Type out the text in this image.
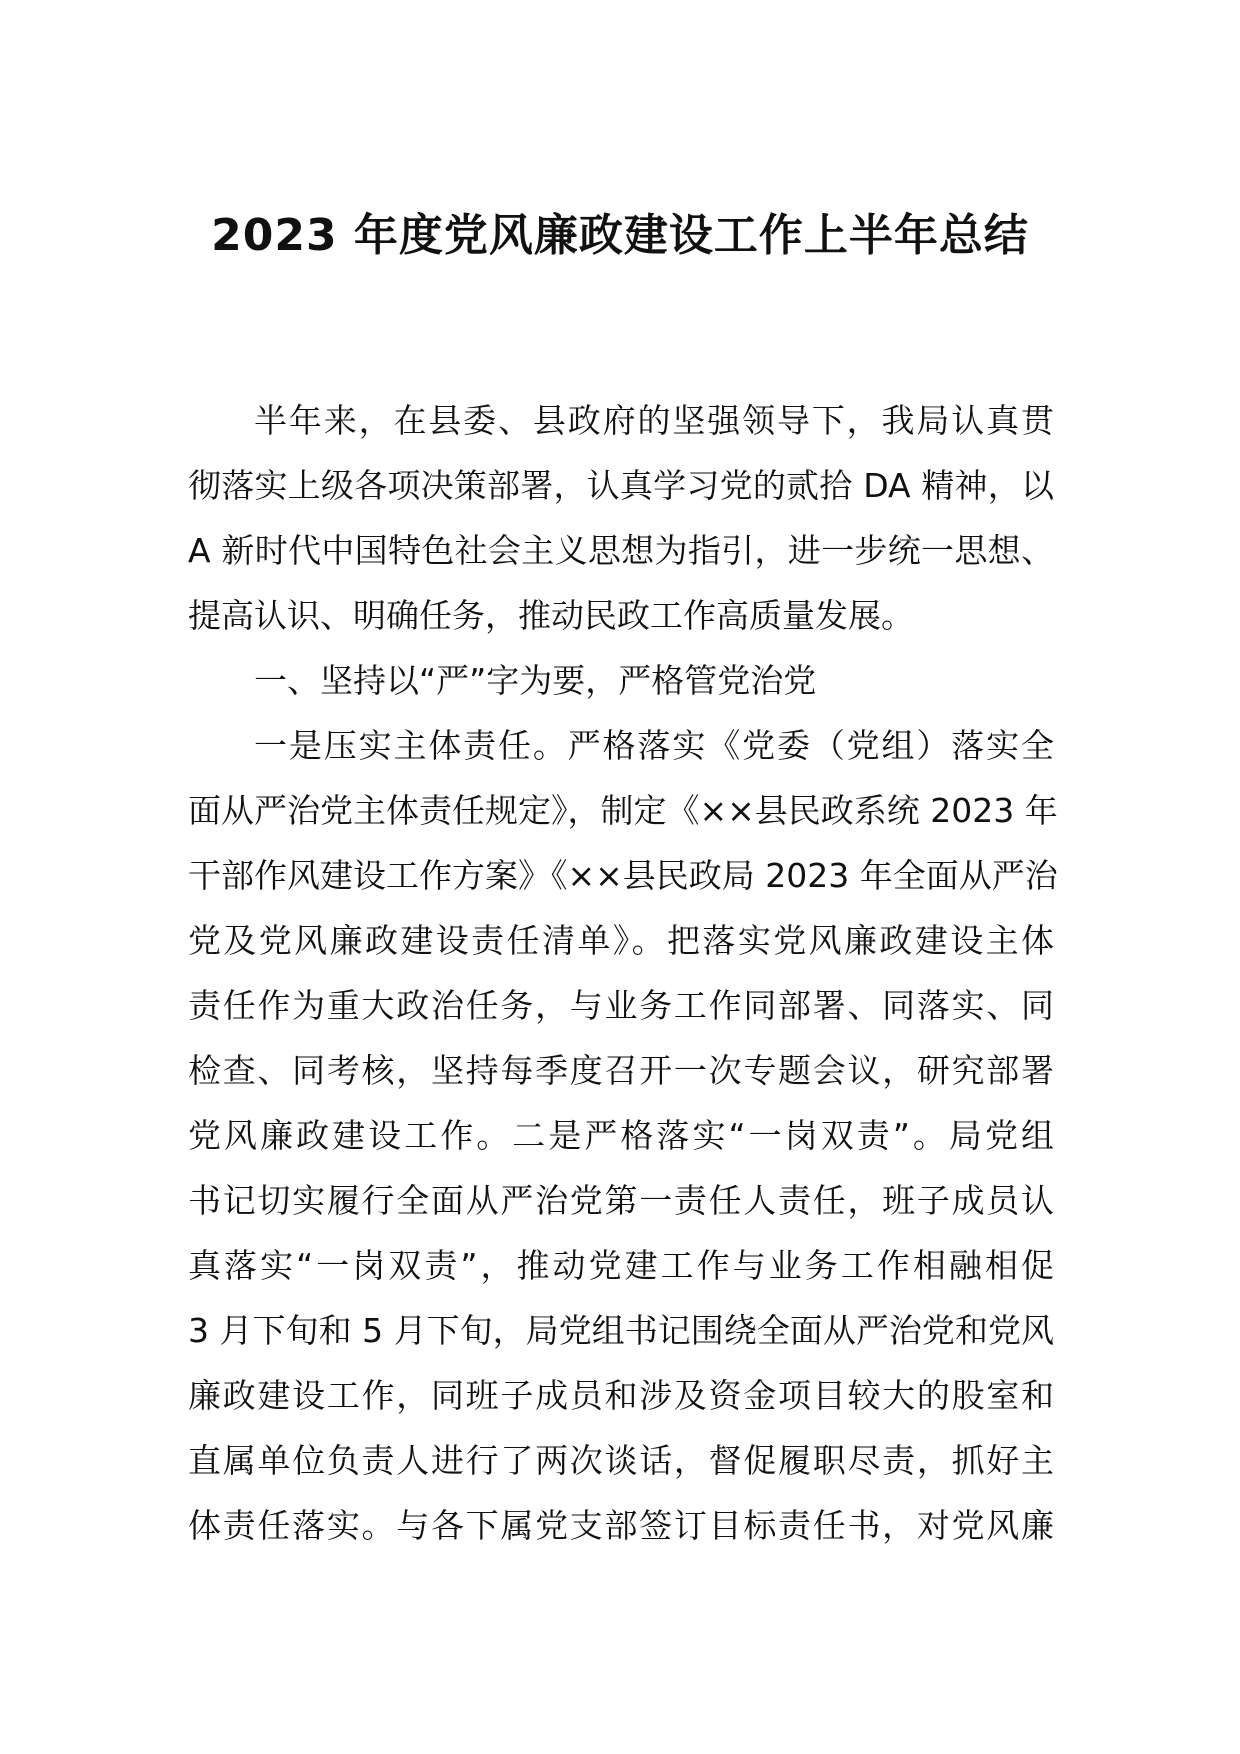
2023 年度党风廉政建设工作上半年总结
半年来，在县委、县政府的坚强领导下，我局认真贯
彻落实上级各项决策部署，认真学习党的贰拾 DA 精神，以
A 新时代中国特色社会主义思想为指引，进一步统一思想、
提高认识、明确任务，推动民政工作高质量发展。
一、坚持以“严”字为要，严格管党治党
一是压实主体责任。严格落实《党委（党组）落实全
面从严治党主体责任规定》，制定《××县民政系统 2023 年
干部作风建设工作方案》《××县民政局 2023 年全面从严治
党及党风廉政建设责任清单》。把落实党风廉政建设主体
责任作为重大政治任务，与业务工作同部署、同落实、同
检查、同考核，坚持每季度召开一次专题会议，研究部署
党风廉政建设工作。二是严格落实“一岗双责”。局党组
书记切实履行全面从严治党第一责任人责任，班子成员认
真落实“一岗双责”，推动党建工作与业务工作相融相促
3 月下旬和 5 月下旬，局党组书记围绕全面从严治党和党风
廉政建设工作，同班子成员和涉及资金项目较大的股室和
直属单位负责人进行了两次谈话，督促履职尽责，抓好主
体责任落实。与各下属党支部签订目标责任书，对党风廉
